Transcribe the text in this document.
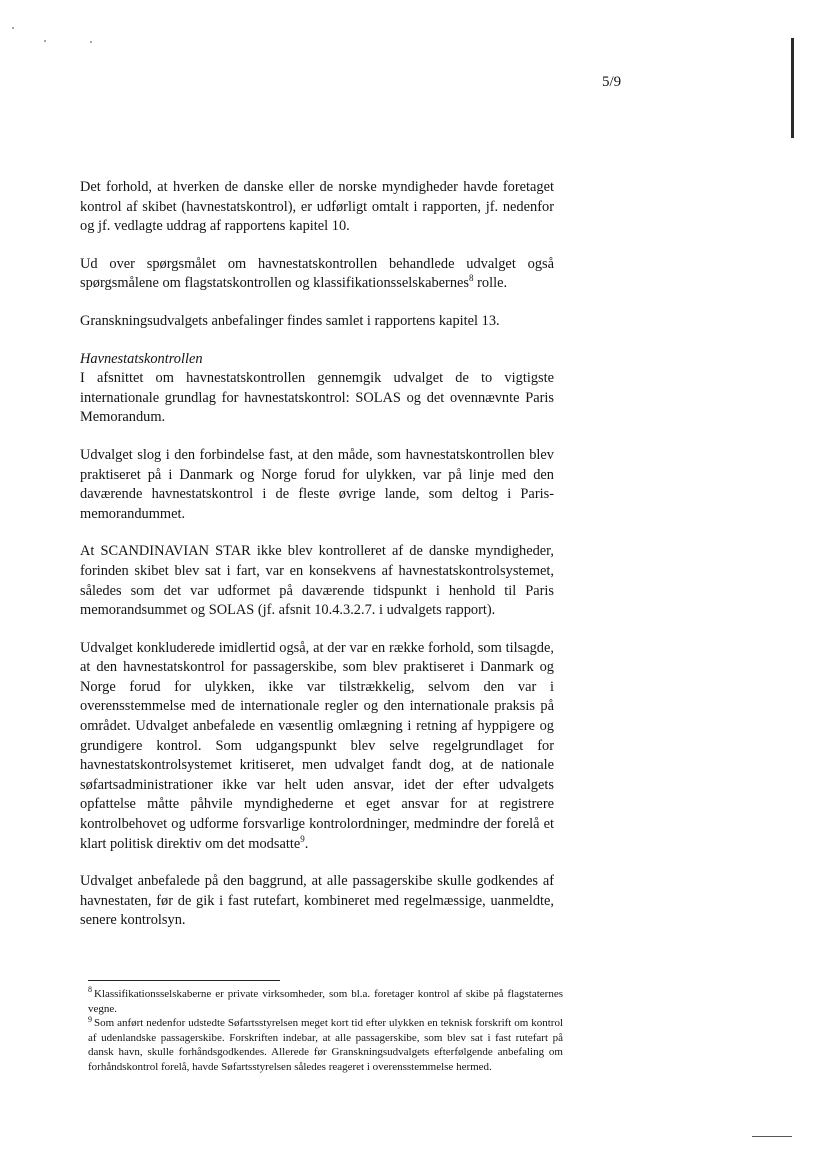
5/9

Det forhold, at hverken de danske eller de norske myndigheder havde foretaget kontrol af skibet (havnestatskontrol), er udførligt omtalt i rapporten, jf. nedenfor og jf. vedlagte uddrag af rapportens kapitel 10.

Ud over spørgsmålet om havnestatskontrollen behandlede udvalget også spørgsmålene om flagstatskontrollen og klassifikationsselskabernes$^8$ rolle.

Granskningsudvalgets anbefalinger findes samlet i rapportens kapitel 13.

Havnestatskontrollen
I afsnittet om havnestatskontrollen gennemgik udvalget de to vigtigste internationale grundlag for havnestatskontrol: SOLAS og det ovennævnte Paris Memorandum.

Udvalget slog i den forbindelse fast, at den måde, som havnestatskontrollen blev praktiseret på i Danmark og Norge forud for ulykken, var på linje med den daværende havnestatskontrol i de fleste øvrige lande, som deltog i Paris-memorandummet.

At SCANDINAVIAN STAR ikke blev kontrolleret af de danske myndigheder, forinden skibet blev sat i fart, var en konsekvens af havnestatskontrolsystemet, således som det var udformet på daværende tidspunkt i henhold til Paris memorandsummet og SOLAS (jf. afsnit 10.4.3.2.7. i udvalgets rapport).

Udvalget konkluderede imidlertid også, at der var en række forhold, som tilsagde, at den havnestatskontrol for passagerskibe, som blev praktiseret i Danmark og Norge forud for ulykken, ikke var tilstrækkelig, selvom den var i overensstemmelse med de internationale regler og den internationale praksis på området. Udvalget anbefalede en væsentlig omlægning i retning af hyppigere og grundigere kontrol. Som udgangspunkt blev selve regelgrundlaget for havnestatskontrolsystemet kritiseret, men udvalget fandt dog, at de nationale søfartsadministrationer ikke var helt uden ansvar, idet der efter udvalgets opfattelse måtte påhvile myndighederne et eget ansvar for at registrere kontrolbehovet og udforme forsvarlige kontrolordninger, medmindre der forelå et klart politisk direktiv om det modsatte$^9$.

Udvalget anbefalede på den baggrund, at alle passagerskibe skulle godkendes af havnestaten, før de gik i fast rutefart, kombineret med regelmæssige, uanmeldte, senere kontrolsyn.

$^8$ Klassifikationsselskaberne er private virksomheder, som bl.a. foretager kontrol af skibe på flagstaternes vegne.

$^9$ Som anført nedenfor udstedte Søfartsstyrelsen meget kort tid efter ulykken en teknisk forskrift om kontrol af udenlandske passagerskibe. Forskriften indebar, at alle passagerskibe, som blev sat i fast rutefart på dansk havn, skulle forhåndsgodkendes. Allerede før Granskningsudvalgets efterfølgende anbefaling om forhåndskontrol forelå, havde Søfartsstyrelsen således reageret i overensstemmelse hermed.
